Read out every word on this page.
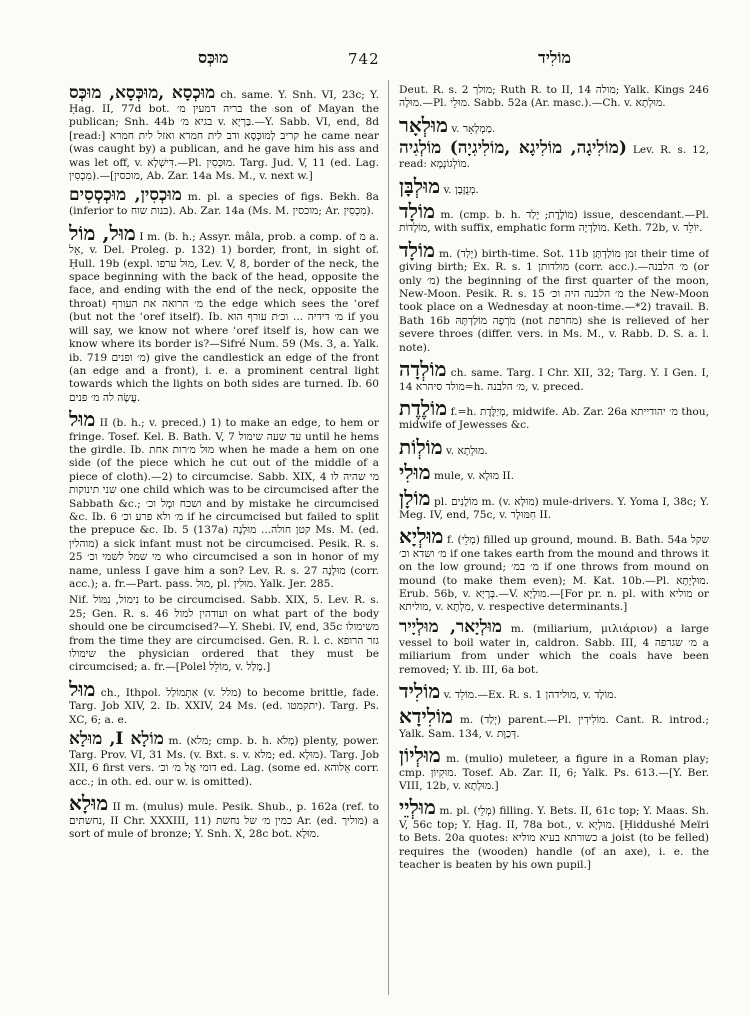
מוּכְּס	742	מוֹלִיד

מוּכְסָא ,מוּכְּסָא, מוּכְּס ch. same. Y. Snh. VI, 23c; Y. Ḥag. II, 77d bot. בריה דמעין מ׳ the son of Mayan the publican; Snh. 44b בגיא מ׳ v. בַּרְיָא.—Y. Sabb. VI, end, 8d [read:] קריב לְמוּכְּסָא ודב לית חמרא ואזל לית חמרא he came near (was caught by) a publican, and he gave him his ass and was let off, v. דִּישְׁלָא.—Pl. מוּכְּסִין. Targ. Jud. V, 11 (ed. Lag. מִכְסִין).—[מוכסין, Ab. Zar. 14a Ms. M., v. next w.]

מוּכְסִין, מוּכְסְסִים m. pl. a species of figs. Bekh. 8a (inferior to בנות שוח). Ab. Zar. 14a (Ms. M. מוכסין; Ar. מִכְסִין).

מוּל, מוֹל I m. (b. h.; Assyr. mâla, prob. a comp. of מ a. אֵל, v. Del. Proleg. p. 132) 1) border, front, in sight of. Ḥull. 19b (expl. מוּל ערפו, Lev. V, 8, border of the neck, the space beginning with the back of the head, opposite the face, and ending with the end of the neck, opposite the throat) מ׳ הרואה את העורף the edge which sees the ʿoref (but not the ʿoref itself). Ib. מ׳ דידיה ... וכ׳ת עורף הוא if you will say, we know not where ʿoref itself is, how can we know where its border is?—Sifré Num. 59 (Ms. 3, a. Yalk. ib. 719 מ׳ ופנים) give the candlestick an edge of the front (an edge and a front), i. e. a prominent central light towards which the lights on both sides are turned. Ib. 60 עֲשָׂה לה מ׳ פנים.

מוּל II (b. h.; v. preced.) 1) to make an edge, to hem or fringe. Tosef. Kel. B. Bath. V, 7 עד שעה שימול until he hems the girdle. Ib. מוּל מ׳רות אחת when he made a hem on one side (of the piece which he cut out of the middle of a piece of cloth).—2) to circumcise. Sabb. XIX, 4 מי שהיה לו שני תינוקות one child which was to be circumcised after the Sabbath &c.; ושכח ומָל וכ׳ and by mistake he circumcised &c. Ib. 6 מ׳ ולא פרע וכ׳ if he circumcised but failed to split the prepuce &c. Ib. 5 (137a) קטן חולה... מוּלְנָה Ms. M. (ed. מוהלין) a sick infant must not be circumcised. Pesik. R. s. 25 מי שמל לשמי וכ׳ who circumcised a son in honor of my name, unless I gave him a son? Lev. R. s. 27 מוּלָנָה (corr. acc.); a. fr.—Part. pass. מוּל, pl. מוּלִין. Yalk. Jer. 285.

Nif. נִימוֹל, נִמּוֹל to be circumcised. Sabb. XIX, 5. Lev. R. s. 25; Gen. R. s. 46 ועודהין למול on what part of the body should one be circumcised?—Y. Shebi. IV, end, 35c משימולו from the time they are circumcised. Gen. R. l. c. גזר הרופא שימולו the physician ordered that they must be circumcised; a. fr.—[Polel מוֹלֵל, v. מָלַל.]

מוּל ch., Ithpol. אִתְמוֹלַל (v. מלל) to become brittle, fade. Targ. Job XIV, 2. Ib. XXIV, 24 Ms. (ed. יתקמטו). Targ. Ps. XC, 6; a. e.

מוֹלָא I, מוּלָא m. (מלא; cmp. b. h. מְלֹא) plenty, power. Targ. Prov. VI, 31 Ms. (v. Bxt. s. v. מלא; ed. מוּלָא). Targ. Job XII, 6 first vers. דומי אֱל מ׳ וכ׳ ed. Lag. (some ed. אֵלוהא corr. acc.; in oth. ed. our w. is omitted).

מוּלָא II m. (mulus) mule. Pesik. Shub., p. 162a (ref. to נחשתים, II Chr. XXXIII, 11) כמין מ׳ של נחשת Ar. (ed. מוליך) a sort of mule of bronze; Y. Snh. X, 28c bot. מוּלָא.

Deut. R. s. 2 מולך; Ruth R. to II, 14 מולה; Yalk. Kings 246 מוּלָה.—Pl. מוּלֵי. Sabb. 52a (Ar. masc.).—Ch. v. מוּלְתָא.

מוּלְאָר v. מַמְלְאָר.

(מוֹלִיגָה, מוֹלִיגָא ,מוֹלִיגִיָה) מוֹלְגִיה Lev. R. s. 12, read: מוֹלְגוֹנְמָא.

מוּלְבָּן v. מְנֻזָּבָן.

מוֹלָד m. (cmp. b. h. מוֹלֶדֶת; יָלַד) issue, descendant.—Pl. מוֹלָדוֹת, with suffix, emphatic form מוֹלַדְיָה. Keth. 72b, v. יוֹלֵד.

מוֹלָד m. (יָלַד) birth-time. Sot. 11b זמן מוֹלַדְתָּן their time of giving birth; Ex. R. s. 1 מולדותן (corr. acc.).—מ׳ הלבנה (or only מ׳) the beginning of the first quarter of the moon, New-Moon. Pesik. R. s. 15 מ׳ הלבנה היה וכ׳ the New-Moon took place on a Wednesday at noon-time.—*2) travail. B. Bath 16b מֹרְפָה מוֹלַדְתָּהּ (not מחרפת) she is relieved of her severe throes (differ. vers. in Ms. M., v. Rabb. D. S. a. l. note).

מוֹלְדָה ch. same. Targ. I Chr. XII, 32; Targ. Y. I Gen. I, 14 מולד סיהרא=h. מ׳ הלבנה, v. preced.

מוֹלֶדֶת f.=h. מְיַלֶּדֶת, midwife. Ab. Zar. 26a מ׳ יהודייתא thou, midwife of Jewesses &c.

מוֹלְוֹת v. מוּלְתָא.

מוּלִי mule, v. מוּלָא II.

מוֹלָן pl. מוֹלָנִים m. (v. מוּלָא) mule-drivers. Y. Yoma I, 38c; Y. Meg. IV, end, 75c, v. חִמּוּלָר II.

מוּלְיָא f. (מְלֵי) filled up ground, mound. B. Bath. 54a שקל מ׳ ושדא וכ׳ if one takes earth from the mound and throws it on the low ground; מ׳ במ׳ if one throws from mound on mound (to make them even); M. Kat. 10b.—Pl. מוּלְיָתָא. Erub. 56b, v. בְּרָיָא.—V. מולְיָא.—[For pr. n. pl. with מוליא or מוליתא, v. מִלְתָא, v. respective determinants.]

מוּלְיָאר, מוּלְיָיר m. (miliarium, μιλιάριον) a large vessel to boil water in, caldron. Sabb. III, 4 מ׳ שגרפה a miliarium from under which the coals have been removed; Y. ib. III, 6a bot.

מוֹלִיד v. מוֹלֵד.—Ex. R. s. 1 מולידהן, v. מוֹלָד.

מוֹלִידָא m. (יְלַד) parent.—Pl. מוֹלִידִין. Cant. R. introd.; Yalk. Sam. 134, v. דְּכַוָּת.

מוּלְיוֹן m. (mulio) muleteer, a figure in a Roman play; cmp. מוּקִיוֹן. Tosef. Ab. Zar. II, 6; Yalk. Ps. 613.—[Y. Ber. VIII, 12b, v. מוּלְתָא.]

מוּלְיֵי m. pl. (מְלֵי) filling. Y. Bets. II, 61c top; Y. Maas. Sh. V, 56c top; Y. Ḥag. II, 78a bot., v. מוּלְיָא. [Ḥiddushé Meïri to Bets. 20a quotes: כשורתא בעיא מוליא a joist (to be felled) requires the (wooden) handle (of an axe), i. e. the teacher is beaten by his own pupil.]
